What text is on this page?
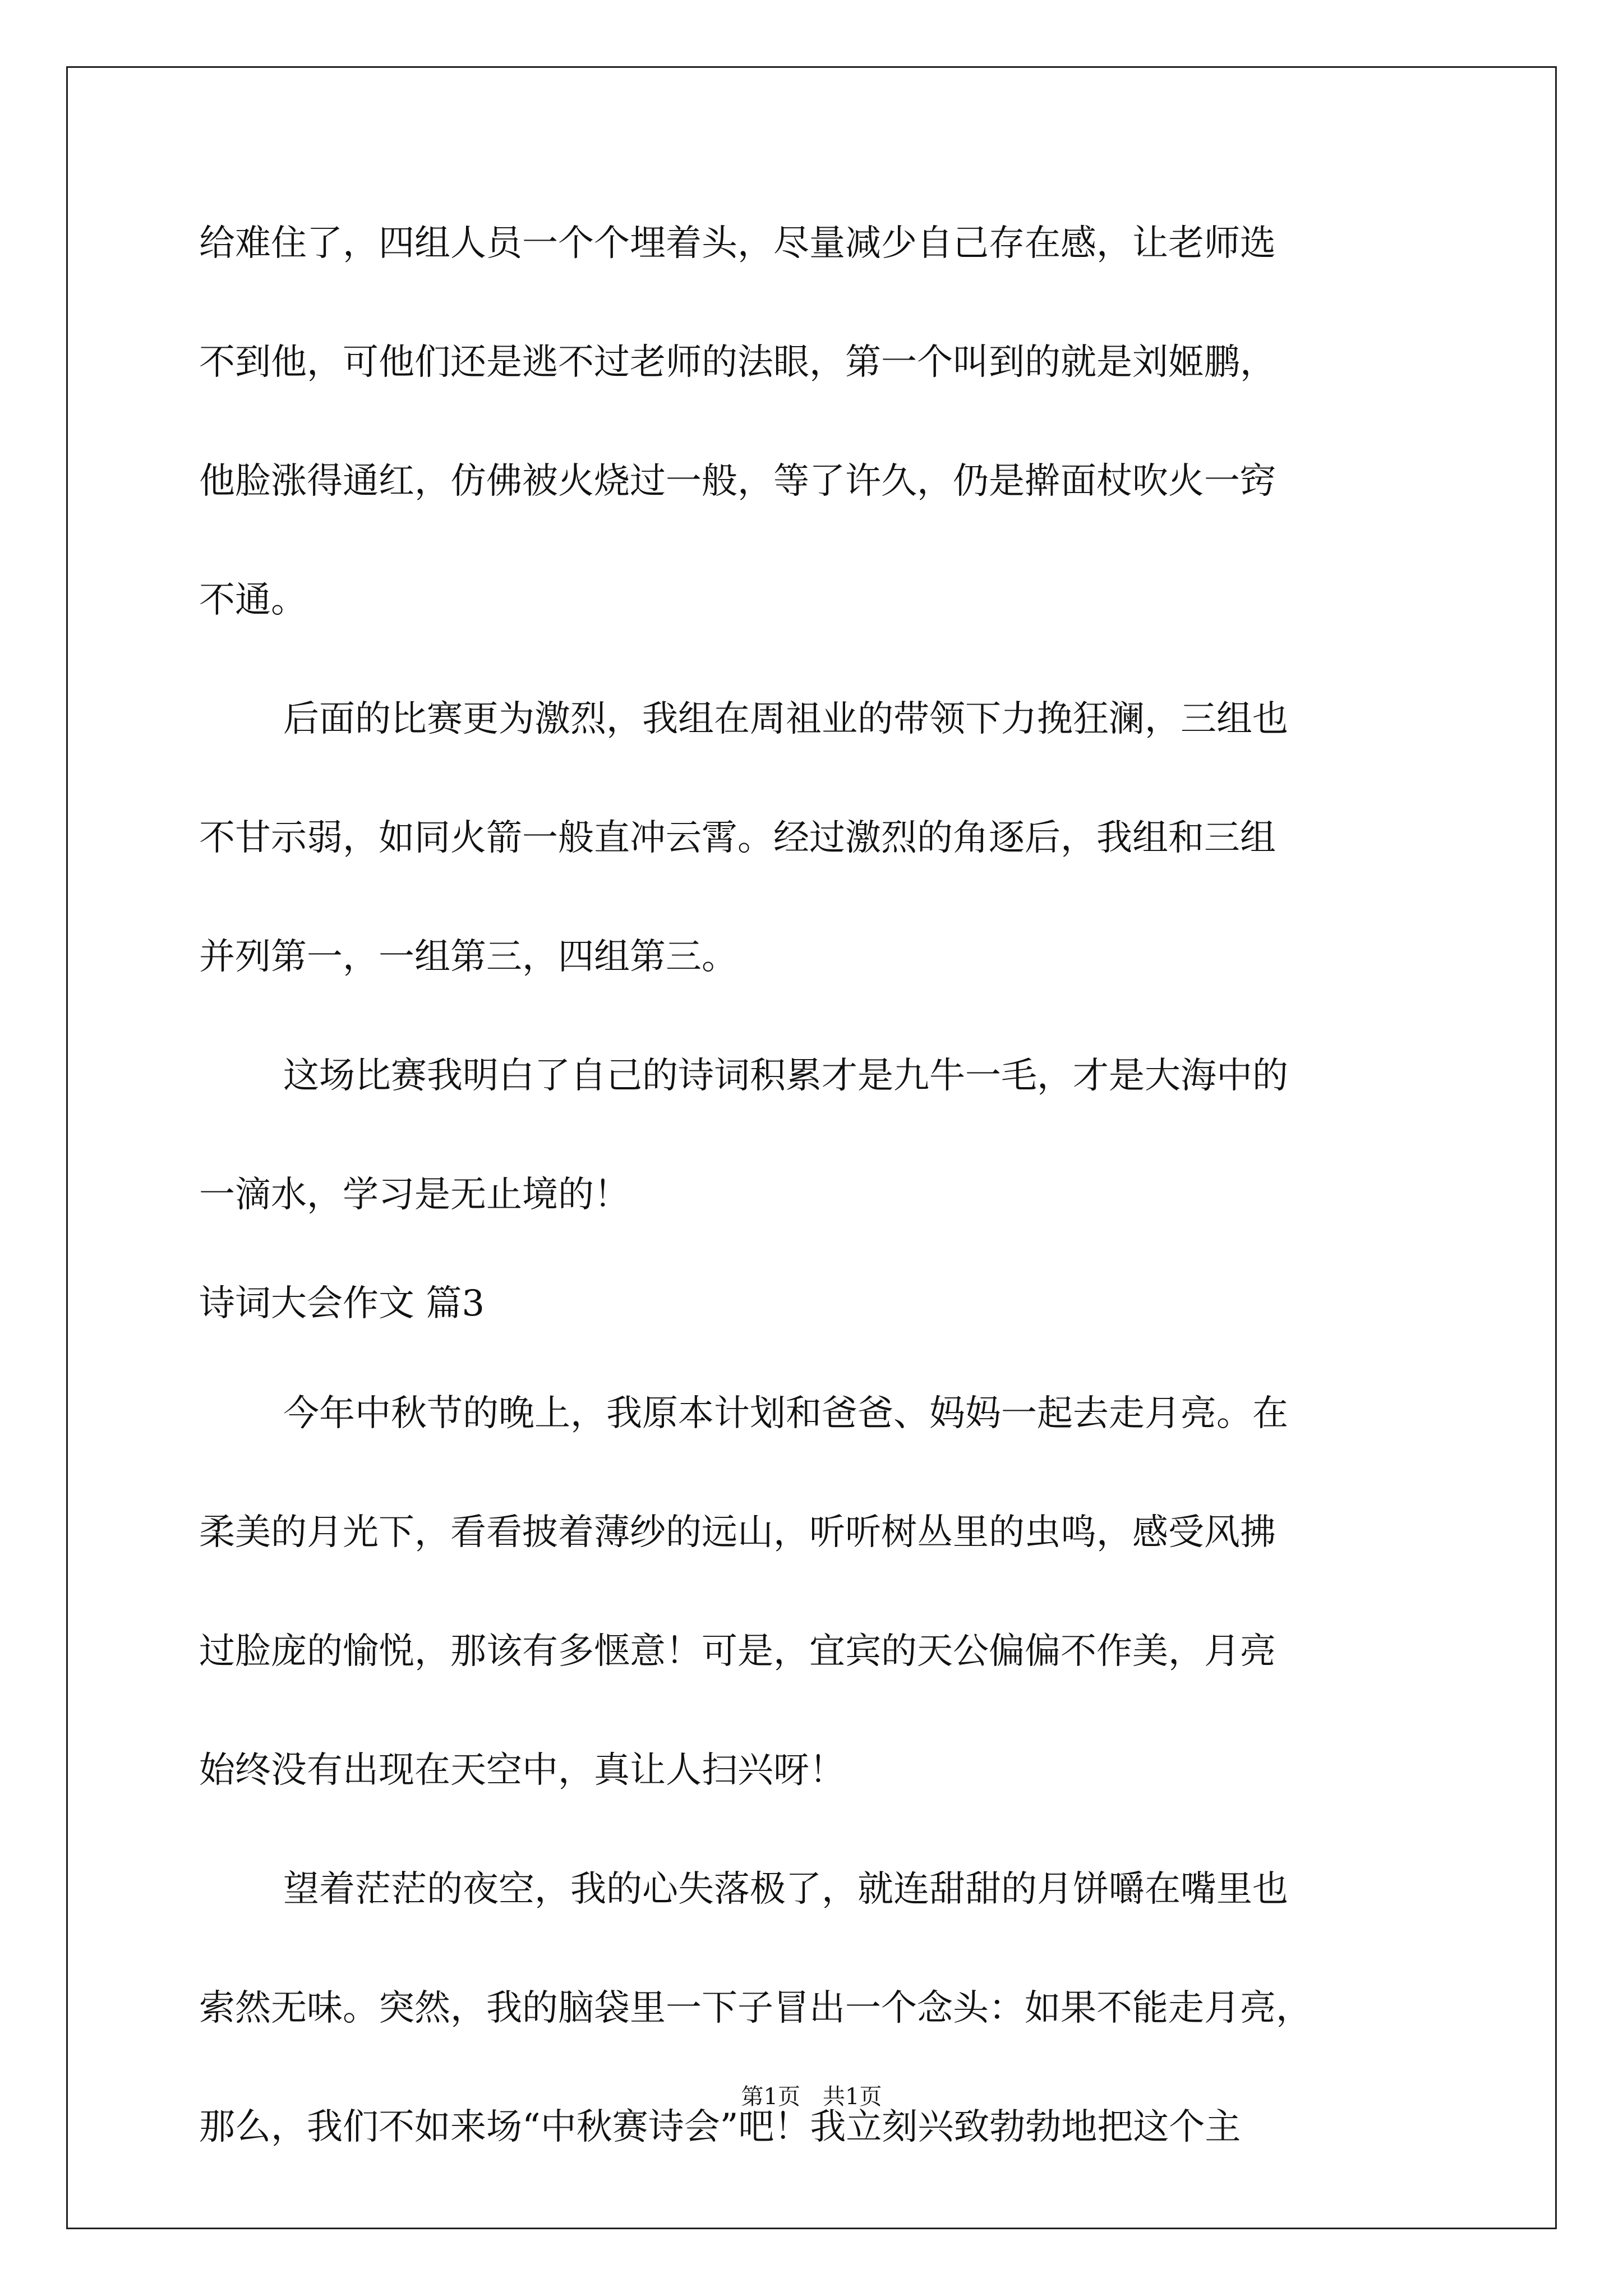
给难住了，四组人员一个个埋着头，尽量减少自己存在感，让老师选
不到他，可他们还是逃不过老师的法眼，第一个叫到的就是刘姬鹏，
他脸涨得通红，仿佛被火烧过一般，等了许久，仍是擀面杖吹火一窍
不通。
后面的比赛更为激烈，我组在周祖业的带领下力挽狂澜，三组也
不甘示弱，如同火箭一般直冲云霄。经过激烈的角逐后，我组和三组
并列第一，一组第三，四组第三。
这场比赛我明白了自己的诗词积累才是九牛一毛，才是大海中的
一滴水，学习是无止境的！
诗词大会作文 篇3
今年中秋节的晚上，我原本计划和爸爸、妈妈一起去走月亮。在
柔美的月光下，看看披着薄纱的远山，听听树丛里的虫鸣，感受风拂
过脸庞的愉悦，那该有多惬意！可是，宜宾的天公偏偏不作美，月亮
始终没有出现在天空中，真让人扫兴呀！
望着茫茫的夜空，我的心失落极了，就连甜甜的月饼嚼在嘴里也
索然无味。突然，我的脑袋里一下子冒出一个念头：如果不能走月亮，
那么，我们不如来场“中秋赛诗会”吧！我立刻兴致勃勃地把这个主
第1页　共1页
